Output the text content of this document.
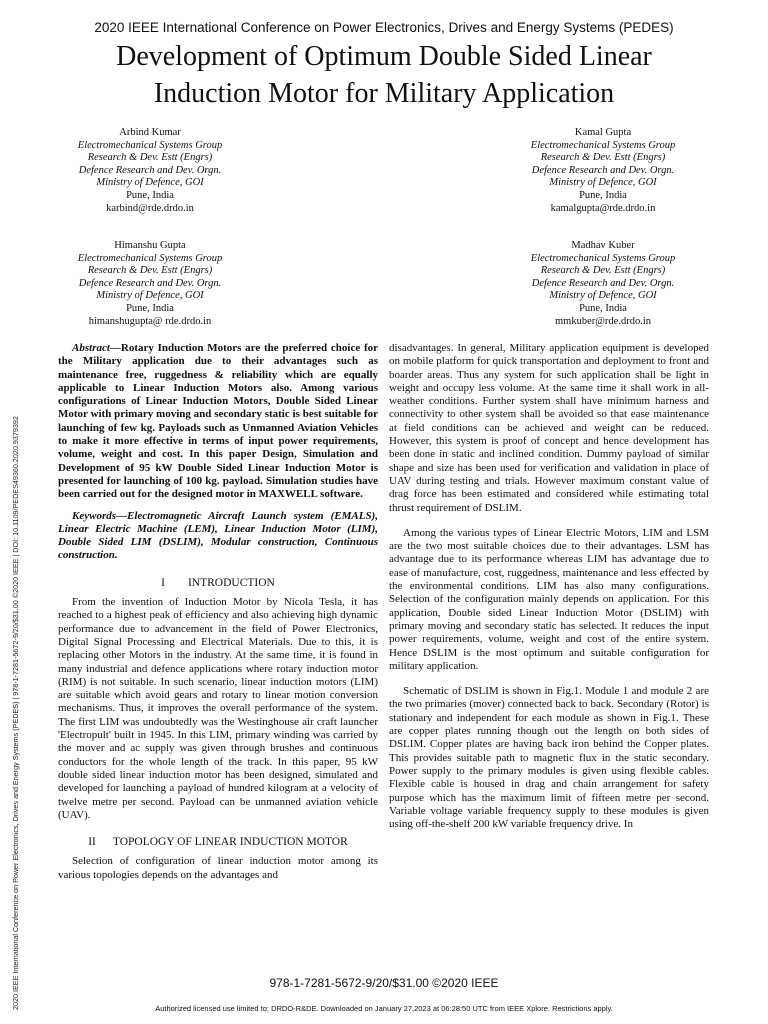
2020 IEEE International Conference on Power Electronics, Drives and Energy Systems (PEDES)
Development of Optimum Double Sided Linear
Induction Motor for Military Application
Arbind Kumar
Electromechanical Systems Group
Research & Dev. Estt (Engrs)
Defence Research and Dev. Orgn.
Ministry of Defence, GOI
Pune, India
karbind@rde.drdo.in
Kamal Gupta
Electromechanical Systems Group
Research & Dev. Estt (Engrs)
Defence Research and Dev. Orgn.
Ministry of Defence, GOI
Pune, India
kamalgupta@rde.drdo.in
Himanshu Gupta
Electromechanical Systems Group
Research & Dev. Estt (Engrs)
Defence Research and Dev. Orgn.
Ministry of Defence, GOI
Pune, India
himanshugupta@ rde.drdo.in
Madhav Kuber
Electromechanical Systems Group
Research & Dev. Estt (Engrs)
Defence Research and Dev. Orgn.
Ministry of Defence, GOI
Pune, India
mmkuber@rde.drdo.in
2020 IEEE International Conference on Power Electronics, Drives and Energy Systems (PEDES) | 978-1-7281-5672-9/20/$31.00 ©2020 IEEE | DOI: 10.1109/PEDES49360.2020.9379392

Abstract—Rotary Induction Motors are the preferred choice for the Military application due to their advantages such as maintenance free, ruggedness & reliability which are equally applicable to Linear Induction Motors also. Among various configurations of Linear Induction Motors, Double Sided Linear Motor with primary moving and secondary static is best suitable for launching of few kg. Payloads such as Unmanned Aviation Vehicles to make it more effective in terms of input power requirements, volume, weight and cost. In this paper Design, Simulation and Development of 95 kW Double Sided Linear Induction Motor is presented for launching of 100 kg. payload. Simulation studies have been carried out for the designed motor in MAXWELL software.

Keywords—Electromagnetic Aircraft Launch system (EMALS), Linear Electric Machine (LEM), Linear Induction Motor (LIM), Double Sided LIM (DSLIM), Modular construction, Continuous construction.

I        INTRODUCTION

From the invention of Induction Motor by Nicola Tesla, it has reached to a highest peak of efficiency and also achieving high dynamic performance due to advancement in the field of Power Electronics, Digital Signal Processing and Electrical Materials. Due to this, it is replacing other Motors in the industry. At the same time, it is found in many industrial and defence applications where rotary induction motor (RIM) is not suitable. In such scenario, linear induction motors (LIM) are suitable which avoid gears and rotary to linear motion conversion mechanisms. Thus, it improves the overall performance of the system. The first LIM was undoubtedly was the Westinghouse air craft launcher 'Electropult' built in 1945. In this LIM, primary winding was carried by the mover and ac supply was given through brushes and continuous conductors for the whole length of the track. In this paper, 95 kW double sided linear induction motor has been designed, simulated and developed for launching a payload of hundred kilogram at a velocity of twelve metre per second. Payload can be unmanned aviation vehicle (UAV).

II      TOPOLOGY OF LINEAR INDUCTION MOTOR

Selection of configuration of linear induction motor among its various topologies depends on the advantages and

disadvantages. In general, Military application equipment is developed on mobile platform for quick transportation and deployment to front and boarder areas. Thus any system for such application shall be light in weight and occupy less volume. At the same time it shall work in all-weather conditions. Further system shall have minimum harness and connectivity to other system shall be avoided so that ease maintenance at field conditions can be achieved and weight can be reduced. However, this system is proof of concept and hence development has been done in static and inclined condition. Dummy payload of similar shape and size has been used for verification and validation in place of UAV during testing and trials. However maximum constant value of drag force has been estimated and considered while estimating total thrust requirement of DSLIM.

Among the various types of Linear Electric Motors, LIM and LSM are the two most suitable choices due to their advantages. LSM has advantage due to its performance whereas LIM has advantage due to ease of manufacture, cost, ruggedness, maintenance and less effected by the environmental conditions. LIM has also many configurations. Selection of the configuration mainly depends on application. For this application, Double sided Linear Induction Motor (DSLIM) with primary moving and secondary static has selected. It reduces the input power requirements, volume, weight and cost of the entire system. Hence DSLIM is the most optimum and suitable configuration for military application.

Schematic of DSLIM is shown in Fig.1. Module 1 and module 2 are the two primaries (mover) connected back to back. Secondary (Rotor) is stationary and independent for each module as shown in Fig.1. These are copper plates running though out the length on both sides of DSLIM. Copper plates are having back iron behind the Copper plates. This provides suitable path to magnetic flux in the static secondary. Power supply to the primary modules is given using flexible cables. Flexible cable is housed in drag and chain arrangement for safety purpose which has the maximum limit of fifteen metre per second. Variable voltage variable frequency supply to these modules is given using off-the-shelf 200 kW variable frequency drive. In

978-1-7281-5672-9/20/$31.00 ©2020 IEEE
Authorized licensed use limited to: DRDO-R&DE. Downloaded on January 27,2023 at 06:28:50 UTC from IEEE Xplore. Restrictions apply.
